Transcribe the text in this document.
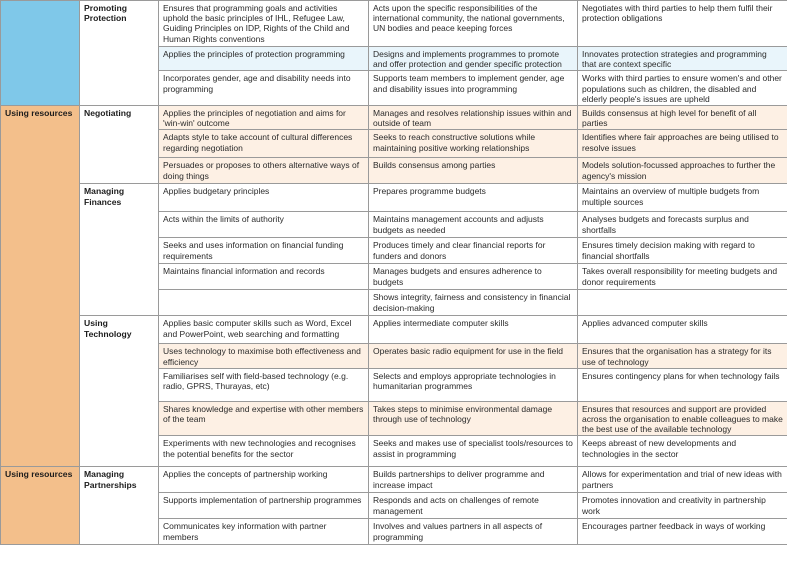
	Promoting Protection	Ensures that programming goals and activities uphold the basic principles of IHL, Refugee Law, Guiding Principles on IDP, Rights of the Child and Human Rights conventions	Acts upon the specific responsibilities of the international community, the national governments, UN bodies and peace keeping forces	Negotiates with third parties to help them fulfil their protection obligations
		Applies the principles of protection programming	Designs and implements programmes to promote and offer protection and gender specific protection	Innovates protection strategies and programming that are context specific
		Incorporates gender, age and disability needs into programming	Supports team members to implement gender, age and disability issues into programming	Works with third parties to ensure women's and other populations such as children, the disabled and elderly people's issues are upheld
Using resources	Negotiating	Applies the principles of negotiation and aims for 'win-win' outcome	Manages and resolves relationship issues within and outside of team	Builds consensus at high level for benefit of all parties
		Adapts style to take account of cultural differences regarding negotiation	Seeks to reach constructive solutions while maintaining positive working relationships	Identifies where fair approaches are being utilised to resolve issues
		Persuades or proposes to others alternative ways of doing things	Builds consensus among parties	Models solution-focussed approaches to further the agency's mission
	Managing Finances	Applies budgetary principles	Prepares programme budgets	Maintains an overview of multiple budgets from multiple sources
		Acts within the limits of authority	Maintains management accounts and adjusts budgets as needed	Analyses budgets and forecasts surplus and shortfalls
		Seeks and uses information on financial funding requirements	Produces timely and clear financial reports for funders and donors	Ensures timely decision making with regard to financial shortfalls
		Maintains financial information and records	Manages budgets and ensures adherence to budgets	Takes overall responsibility for meeting budgets and donor requirements
			Shows integrity, fairness and consistency in financial decision-making	
	Using Technology	Applies basic computer skills such as Word, Excel and PowerPoint, web searching and formatting	Applies intermediate computer skills	Applies advanced computer skills
		Uses technology to maximise both effectiveness and efficiency	Operates basic radio equipment for use in the field	Ensures that the organisation has a strategy for its use of technology
		Familiarises self with field-based technology (e.g. radio, GPRS, Thurayas, etc)	Selects and employs appropriate technologies in humanitarian programmes	Ensures contingency plans for when technology fails
		Shares knowledge and expertise with other members of the team	Takes steps to minimise environmental damage through use of technology	Ensures that resources and support are provided across the organisation to enable colleagues to make the best use of the available technology
		Experiments with new technologies and recognises the potential benefits for the sector	Seeks and makes use of specialist tools/resources to assist in programming	Keeps abreast of new developments and technologies in the sector
Using resources	Managing Partnerships	Applies the concepts of partnership working	Builds partnerships to deliver programme and increase impact	Allows for experimentation and trial of new ideas with partners
		Supports implementation of partnership programmes	Responds and acts on challenges of remote management	Promotes innovation and creativity in partnership work
		Communicates key information with partner members	Involves and values partners in all aspects of programming	Encourages partner feedback in ways of working
